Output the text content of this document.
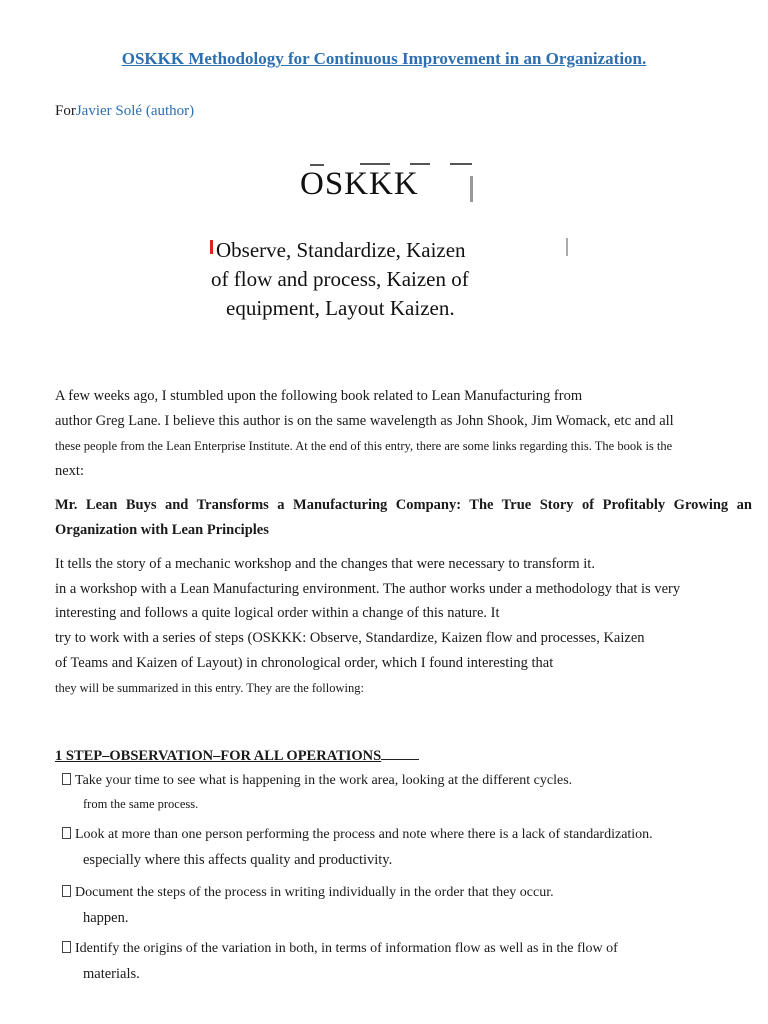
OSKKK Methodology for Continuous Improvement in an Organization.
ForJavier Solé (author)
OSKKK
Observe, Standardize, Kaizen
of flow and process, Kaizen of
equipment, Layout Kaizen.
A few weeks ago, I stumbled upon the following book related to Lean Manufacturing from
author Greg Lane. I believe this author is on the same wavelength as John Shook, Jim Womack, etc and all
these people from the Lean Enterprise Institute. At the end of this entry, there are some links regarding this. The book is the
next:
Mr. Lean Buys and Transforms a Manufacturing Company: The True Story of Profitably Growing an
Organization with Lean Principles
It tells the story of a mechanic workshop and the changes that were necessary to transform it.
in a workshop with a Lean Manufacturing environment. The author works under a methodology that is very
interesting and follows a quite logical order within a change of this nature. It
try to work with a series of steps (OSKKK: Observe, Standardize, Kaizen flow and processes, Kaizen
of Teams and Kaizen of Layout) in chronological order, which I found interesting that
they will be summarized in this entry. They are the following:
1 STEP–OBSERVATION–FOR ALL OPERATIONS
Take your time to see what is happening in the work area, looking at the different cycles.
from the same process.
Look at more than one person performing the process and note where there is a lack of standardization.
especially where this affects quality and productivity.
Document the steps of the process in writing individually in the order that they occur.
happen.
Identify the origins of the variation in both, in terms of information flow as well as in the flow of
materials.
